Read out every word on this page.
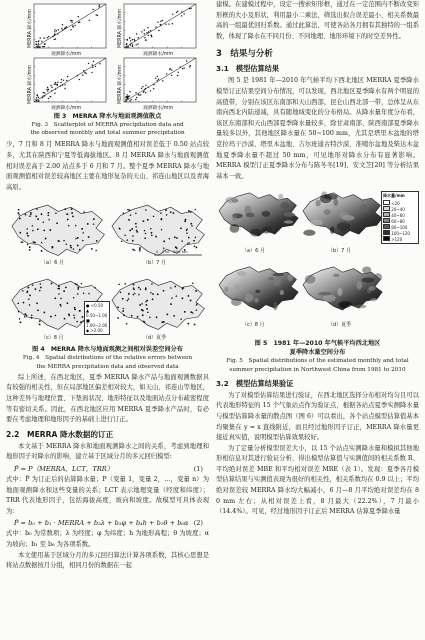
MERRA 降水/mm
观测降水/mm
MERRA 降水/mm
观测降水/mm
MERRA 降水/mm
观测降水/mm
MERRA 降水/mm
观测降水/mm

图 3　MERRA 降水与地面观测值散点

Fig. 3　Scatterplot of MERRA precipitation data and

the observed monthly and total summer precipitation

少，7 月和 8 月 MERRA 降水与地面观测值相对误差低于 0.50 站点较多，尤其在陕西和宁夏等低海拔地区。8 月 MERRA 降水与地面观测值相对误差高于 2.00 站点多于 6 月和 7 月。整个夏季 MERRA 降水与地面观测值相对误差较高地区主要在地形复杂的天山、祁连山地区以及青海高原。

（a）6 月	（b）7 月
（c）8 月	（d）夏季
0　250　500 km
● <0.50
▲ 0.50~1.00
■ 1.00~2.00
◆ >2.00

图 4　MERRA 降水与地面观测之间相对误差空间分布

Fig. 4　Spatial distributions of the relative errors between

the MERRA precipitation data and observed data

综上所述，在西北地区，夏季 MERRA 降水产品与地面观测数据具有较强的相关性，但在局部地区偏差相对较大，如天山、祁连山等地区，这种差异与地理位置、下垫面状况、地形特征以及地面站点分布疏密程度等有密切关系。因此，在西北地区应用 MERRA 夏季降水产品时，有必要在考虑地理和地形因子的基础上进行订正。

2.2　MERRA 降水数据的订正

本文基于 MERRA 降水和地面观测降水之间的关系，考虑到地理和地形因子对降水的影响，建立基于区域分月的多元回归模型:

P̂ = P（MERRA，LCT，TRR）	(1)

式中：P̂ 为订正后的估算降水量；P（变量 1，变量 2，…，变量 n）为地面观测降水和这些变量的关系；LCT 表示地理变量（经度和纬度）；TRR 代表地形因子，包括海拔高度，坡向和坡度。故模型可具体表现为：

P̂ = b₀ + b₁ · MERRA + b₂λ + b₃φ + b₄h + b₅θ + b₆α (2)

式中：b₀ 为常数项；λ 为经度；φ 为纬度；h 为地形高程；θ 为坡度；α 为坡向；b₁ 至 b₆ 为各项系数。

本文使用基于区域分月的多元回归算法计算各项系数，其核心思想是将站点数据按月分组，相同月份的数据在一起

建模。在建模过程中，设定一搜索矩形框，通过在一定范围内不断改变矩形框的大小及形状，利用最小二乘法，筛选出拟合误差最小、相关系数最高的一组最优回归系数。通过此算法，可使各站各月拥有其独特的一组系数，体现了降水在不同月份、不同地理、地形环境下的时空差异性。

3　结果与分析
3.1　模型估算结果

图 5 是 1981 年—2010 年气候平均下西北地区 MERRA 夏季降水模型订正结果空间分布情况，可以发现，西北地区夏季降水有两个明显的高值带，分别在该区东南部和天山西部，昆仑山西北部一带，总体呈从东南向西北内陆递减，具有随地域变化的分布格局。从降水量年度分布看，该区东南部和天山西部夏季降水量较多，除甘肃南部、陕西南部夏季降水量较多以外，其他地区降水量在 50~100 mm，尤其是塔里木盆地的塔克拉玛干沙漠、塔里木盆地、吉尔班通古特沙漠、准噶尔盆地及柴达木盆地夏季降水量不超过 50 mm，可见地形对降水分布有显著影响。MERRA 模型订正夏季降水分布与陈冬冬[19]、安文芝[20] 等分析结果基本一致。

（a）6 月	（b）7 月
（c）8 月	（d）夏季
降水量/mm
<20
20~40
40~60
60~80
80~100
100~120
>120

图 5　1981 年—2010 年气候平均西北地区

夏季降水量空间分布

Fig. 5　Spatial distributions of the estimated monthly and total

summer precipitation in Northwest China from 1981 to 2010

3.2　模型估算结果验证

为了对模型估算结果进行验证，在西北地区选择分布相对均匀且可以代表地形特征的 15 个气象站点作为验证点，根据各站点夏季实测降水量与模型估算降水量的散点图（图 6）可以看出，各个站点模型估算值基本均聚集在 y = x 直线附近，而且经过地形因子订正，MERRA 降水量更接近真实值，说明模型估算效果较好。

为了定量分析模型误差大小，以 15 个站点实测降水量和模拟其他地形相信息对其进行验证分析，得出模型估算值与实测值间的相关系数 R、平均绝对误差 MBE 和平均相对误差 MRE（表 1）。发现：夏季各月模型估算结果与实测值表现为很好的相关性，相关系数均在 0.9 以上；平均绝对误差较 MERRA 降水均大幅减小，6 月—8 月平均绝对误差均在 8 0 mm 左右；从相对误差上看，8 月最大（22.2%），7 月最小（14.4%）。可见，经过地形因子订正后 MERRA 估算夏季降水量
